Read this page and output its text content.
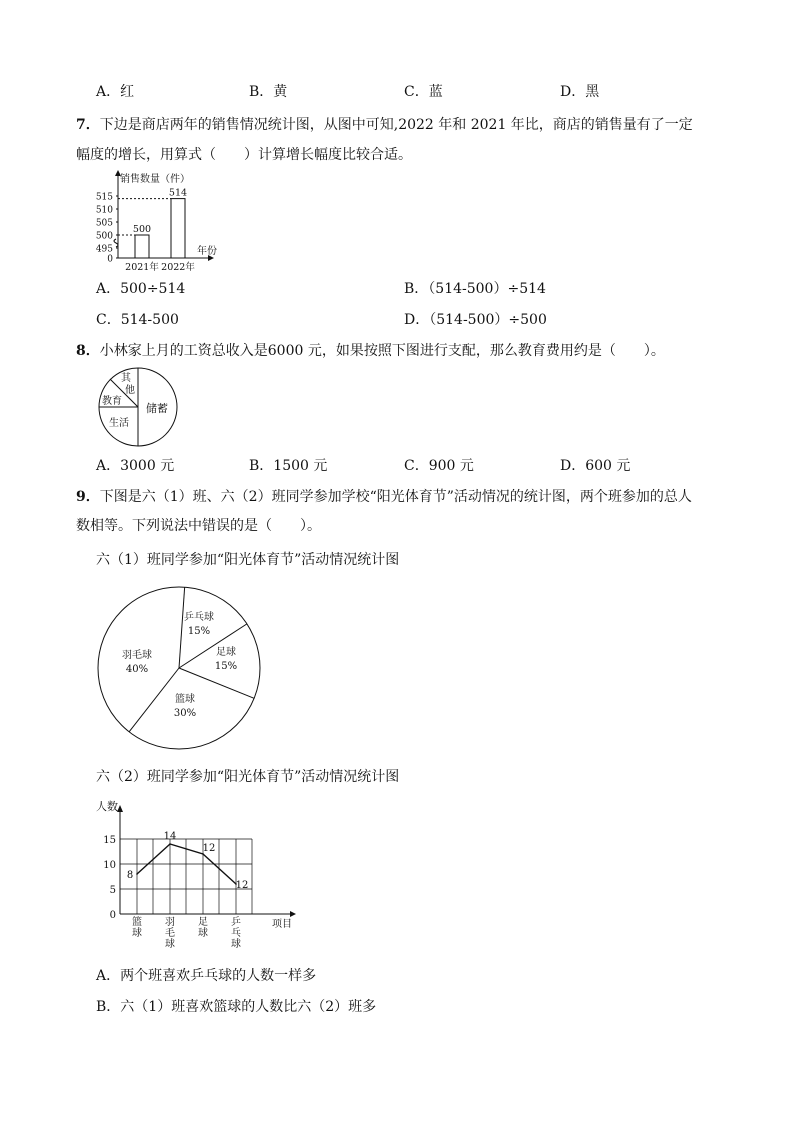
A．红	B．黄	C．蓝	D．黑
7．下边是商店两年的销售情况统计图，从图中可知,2022 年和 2021 年比，商店的销售量有了一定
幅度的增长，用算式（　　）计算增长幅度比较合适。
0
495
500
505
510
515
500
2021年
514
2022年
销售数量（件）
年份
A．500÷514	B．（514-500）÷514
C．514-500	D．（514-500）÷500
8．小林家上月的工资总收入是6000 元，如果按照下图进行支配，那么教育费用约是（　　）。
储蓄
其
他
教育
生活
A．3000 元	B．1500 元	C．900 元	D．600 元
9．下图是六（1）班、六（2）班同学参加学校“阳光体育节”活动情况的统计图，两个班参加的总人
数相等。下列说法中错误的是（　　）。
六（1）班同学参加“阳光体育节”活动情况统计图
乒乓球
15%
足球
15%
篮球
30%
羽毛球
40%
六（2）班同学参加“阳光体育节”活动情况统计图
人数
项目
0
5
10
15
篮
球
羽
毛
球
足
球
乒
乓
球
8
14
12
12
A．两个班喜欢乒乓球的人数一样多
B．六（1）班喜欢篮球的人数比六（2）班多
